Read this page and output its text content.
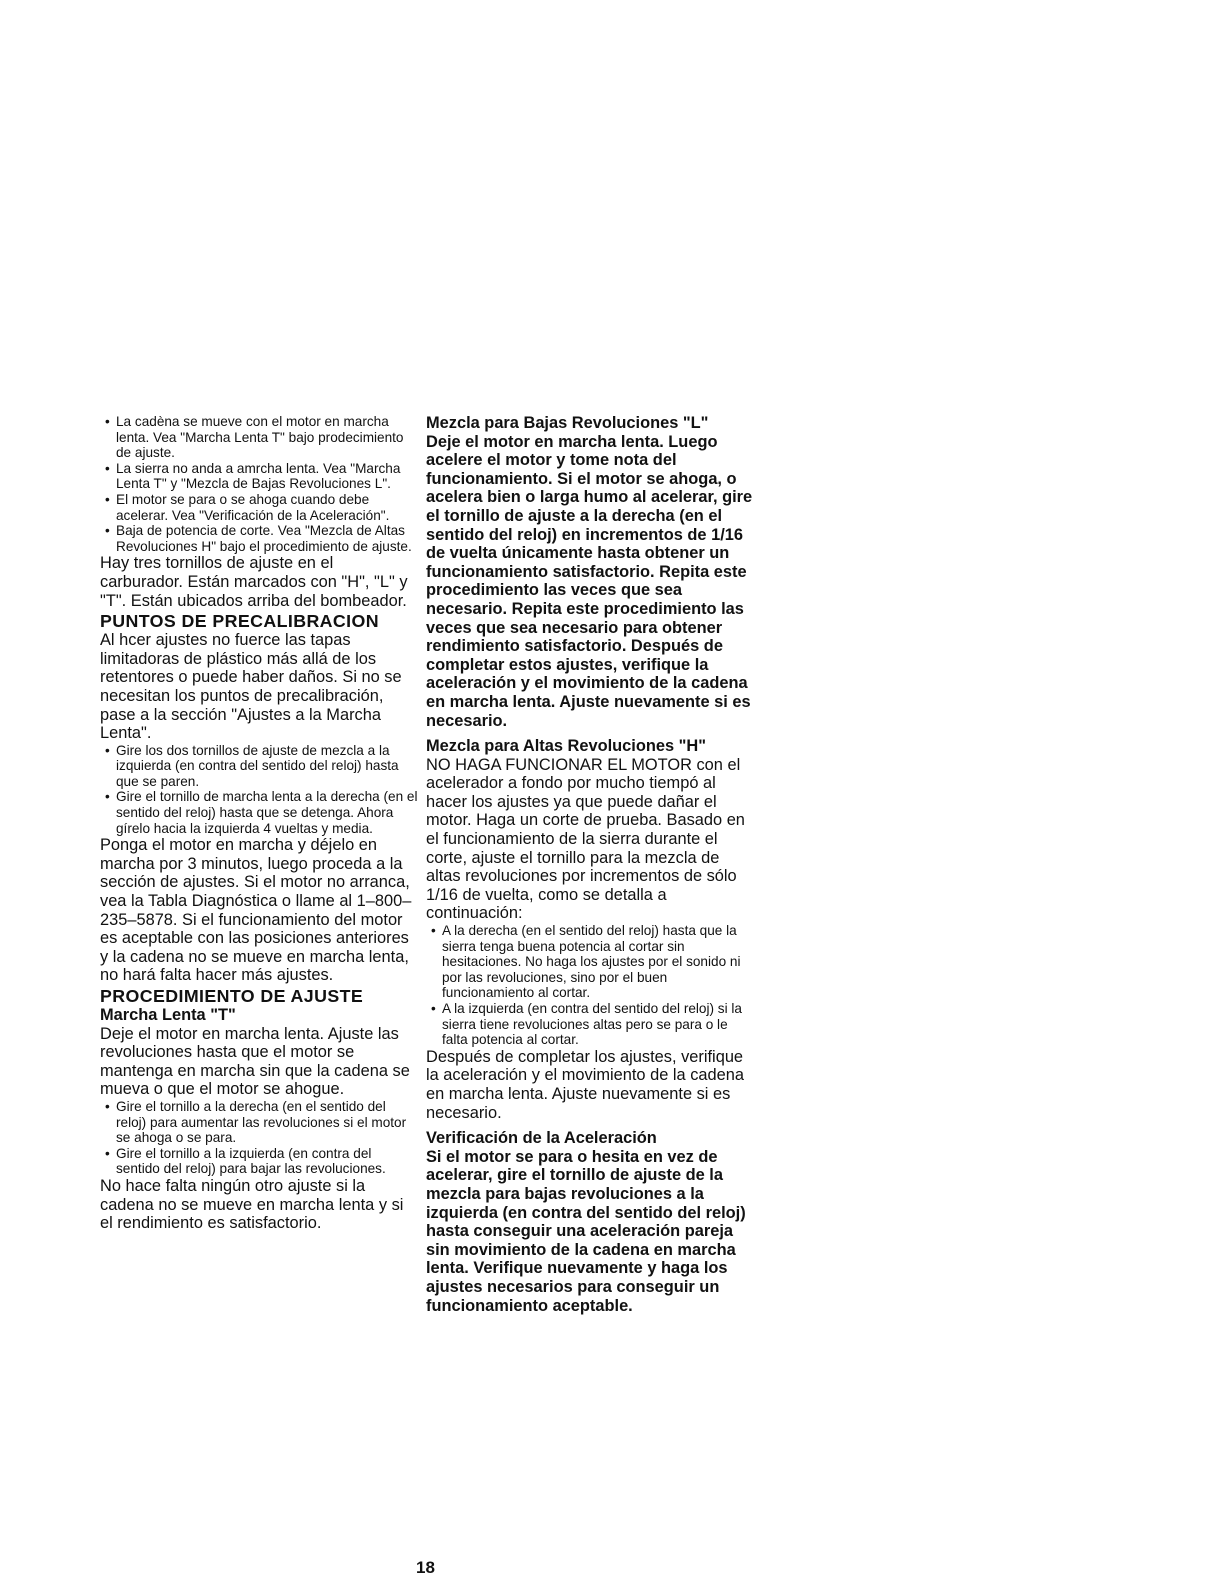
• La cadèna se mueve con el motor en marcha lenta. Vea "Marcha Lenta T" bajo prodecimiento de ajuste.
• La sierra no anda a amrcha lenta. Vea "Marcha Lenta T" y "Mezcla de Bajas Revoluciones L".
• El motor se para o se ahoga cuando debe acelerar. Vea "Verificación de la Aceleración".
• Baja de potencia de corte. Vea "Mezcla de Altas Revoluciones H" bajo el procedimiento de ajuste.

Hay tres tornillos de ajuste en el carburador. Están marcados con "H", "L" y "T". Están ubicados arriba del bombeador.

PUNTOS DE PRECALIBRACION

Al hcer ajustes no fuerce las tapas limitadoras de plástico más allá de los retentores o puede haber daños. Si no se necesitan los puntos de precalibración, pase a la sección "Ajustes a la Marcha Lenta".

• Gire los dos tornillos de ajuste de mezcla a la izquierda (en contra del sentido del reloj) hasta que se paren.
• Gire el tornillo de marcha lenta a la derecha (en el sentido del reloj) hasta que se detenga. Ahora gírelo hacia la izquierda 4 vueltas y media.

Ponga el motor en marcha y déjelo en marcha por 3 minutos, luego proceda a la sección de ajustes. Si el motor no arranca, vea la Tabla Diagnóstica o llame al 1–800–235–5878. Si el funcionamiento del motor es aceptable con las posiciones anteriores y la cadena no se mueve en marcha lenta, no hará falta hacer más ajustes.

PROCEDIMIENTO DE AJUSTE
Marcha Lenta "T"

Deje el motor en marcha lenta. Ajuste las revoluciones hasta que el motor se mantenga en marcha sin que la cadena se mueva o que el motor se ahogue.

• Gire el tornillo a la derecha (en el sentido del reloj) para aumentar las revoluciones si el motor se ahoga o se para.
• Gire el tornillo a la izquierda (en contra del sentido del reloj) para bajar las revoluciones.

No hace falta ningún otro ajuste si la cadena no se mueve en marcha lenta y si el rendimiento es satisfactorio.

Mezcla para Bajas Revoluciones "L"

Deje el motor en marcha lenta. Luego acelere el motor y tome nota del funcionamiento. Si el motor se ahoga, o acelera bien o larga humo al acelerar, gire el tornillo de ajuste a la derecha (en el sentido del reloj) en incrementos de 1/16 de vuelta únicamente hasta obtener un funcionamiento satisfactorio. Repita este procedimiento las veces que sea necesario. Repita este procedimiento las veces que sea necesario para obtener rendimiento satisfactorio. Después de completar estos ajustes, verifique la aceleración y el movimiento de la cadena en marcha lenta. Ajuste nuevamente si es necesario.

Mezcla para Altas Revoluciones "H"

NO HAGA FUNCIONAR EL MOTOR con el acelerador a fondo por mucho tiempó al hacer los ajustes ya que puede dañar el motor. Haga un corte de prueba. Basado en el funcionamiento de la sierra durante el corte, ajuste el tornillo para la mezcla de altas revoluciones por incrementos de sólo 1/16 de vuelta, como se detalla a continuación:

• A la derecha (en el sentido del reloj) hasta que la sierra tenga buena potencia al cortar sin hesitaciones. No haga los ajustes por el sonido ni por las revoluciones, sino por el buen funcionamiento al cortar.
• A la izquierda (en contra del sentido del reloj) si la sierra tiene revoluciones altas pero se para o le falta potencia al cortar.

Después de completar los ajustes, verifique la aceleración y el movimiento de la cadena en marcha lenta. Ajuste nuevamente si es necesario.

Verificación de la Aceleración

Si el motor se para o hesita en vez de acelerar, gire el tornillo de ajuste de la mezcla para bajas revoluciones a la izquierda (en contra del sentido del reloj) hasta conseguir una aceleración pareja sin movimiento de la cadena en marcha lenta. Verifique nuevamente y haga los ajustes necesarios para conseguir un funcionamiento aceptable.

18
